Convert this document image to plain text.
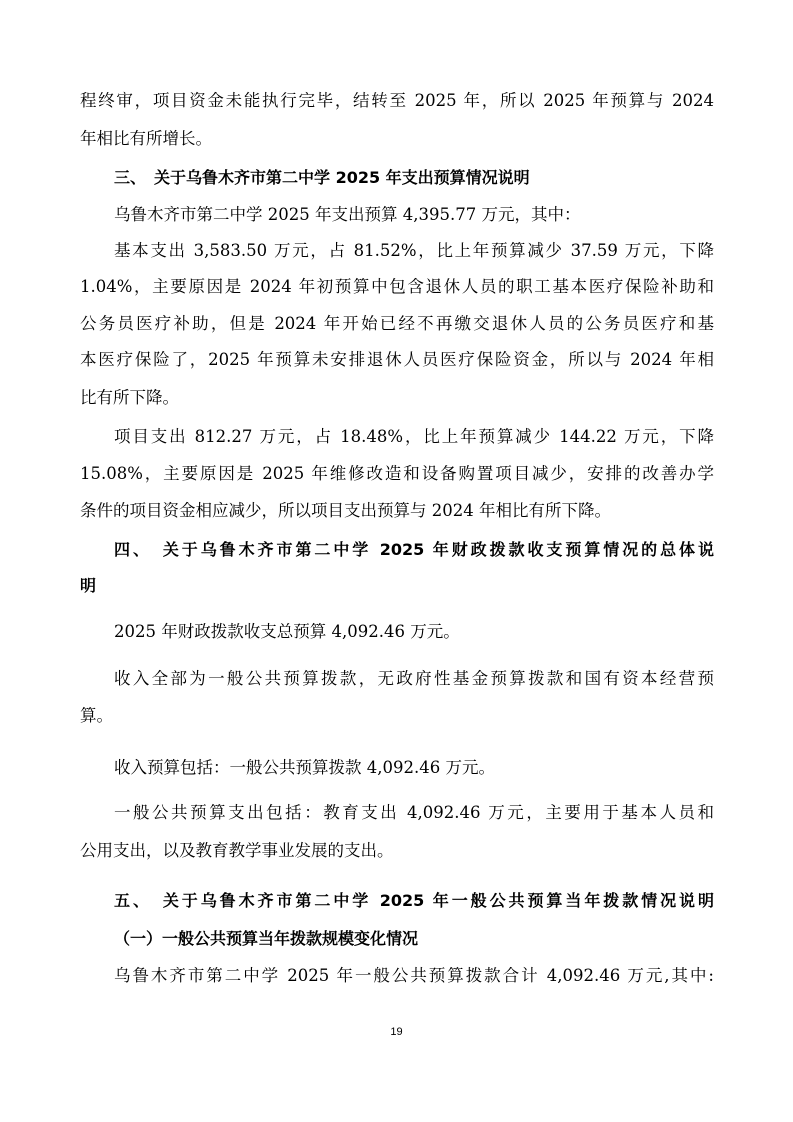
程终审，项目资金未能执行完毕，结转至 2025 年，所以 2025 年预算与 2024
年相比有所增长。
三、　关于乌鲁木齐市第二中学 2025 年支出预算情况说明
乌鲁木齐市第二中学 2025 年支出预算 4,395.77 万元，其中：
基本支出 3,583.50 万元，占 81.52%，比上年预算减少 37.59 万元，下降
1.04%，主要原因是 2024 年初预算中包含退休人员的职工基本医疗保险补助和
公务员医疗补助，但是 2024 年开始已经不再缴交退休人员的公务员医疗和基
本医疗保险了，2025 年预算未安排退休人员医疗保险资金，所以与 2024 年相
比有所下降。
项目支出 812.27 万元，占 18.48%，比上年预算减少 144.22 万元，下降
15.08%，主要原因是 2025 年维修改造和设备购置项目减少，安排的改善办学
条件的项目资金相应减少，所以项目支出预算与 2024 年相比有所下降。
四、　关于乌鲁木齐市第二中学 2025 年财政拨款收支预算情况的总体说
明
2025 年财政拨款收支总预算 4,092.46 万元。
收入全部为一般公共预算拨款，无政府性基金预算拨款和国有资本经营预
算。
收入预算包括：一般公共预算拨款 4,092.46 万元。
一般公共预算支出包括：教育支出 4,092.46 万元，主要用于基本人员和
公用支出，以及教育教学事业发展的支出。
五、　关于乌鲁木齐市第二中学 2025 年一般公共预算当年拨款情况说明
（一）一般公共预算当年拨款规模变化情况
乌鲁木齐市第二中学 2025 年一般公共预算拨款合计 4,092.46 万元,其中:
19
